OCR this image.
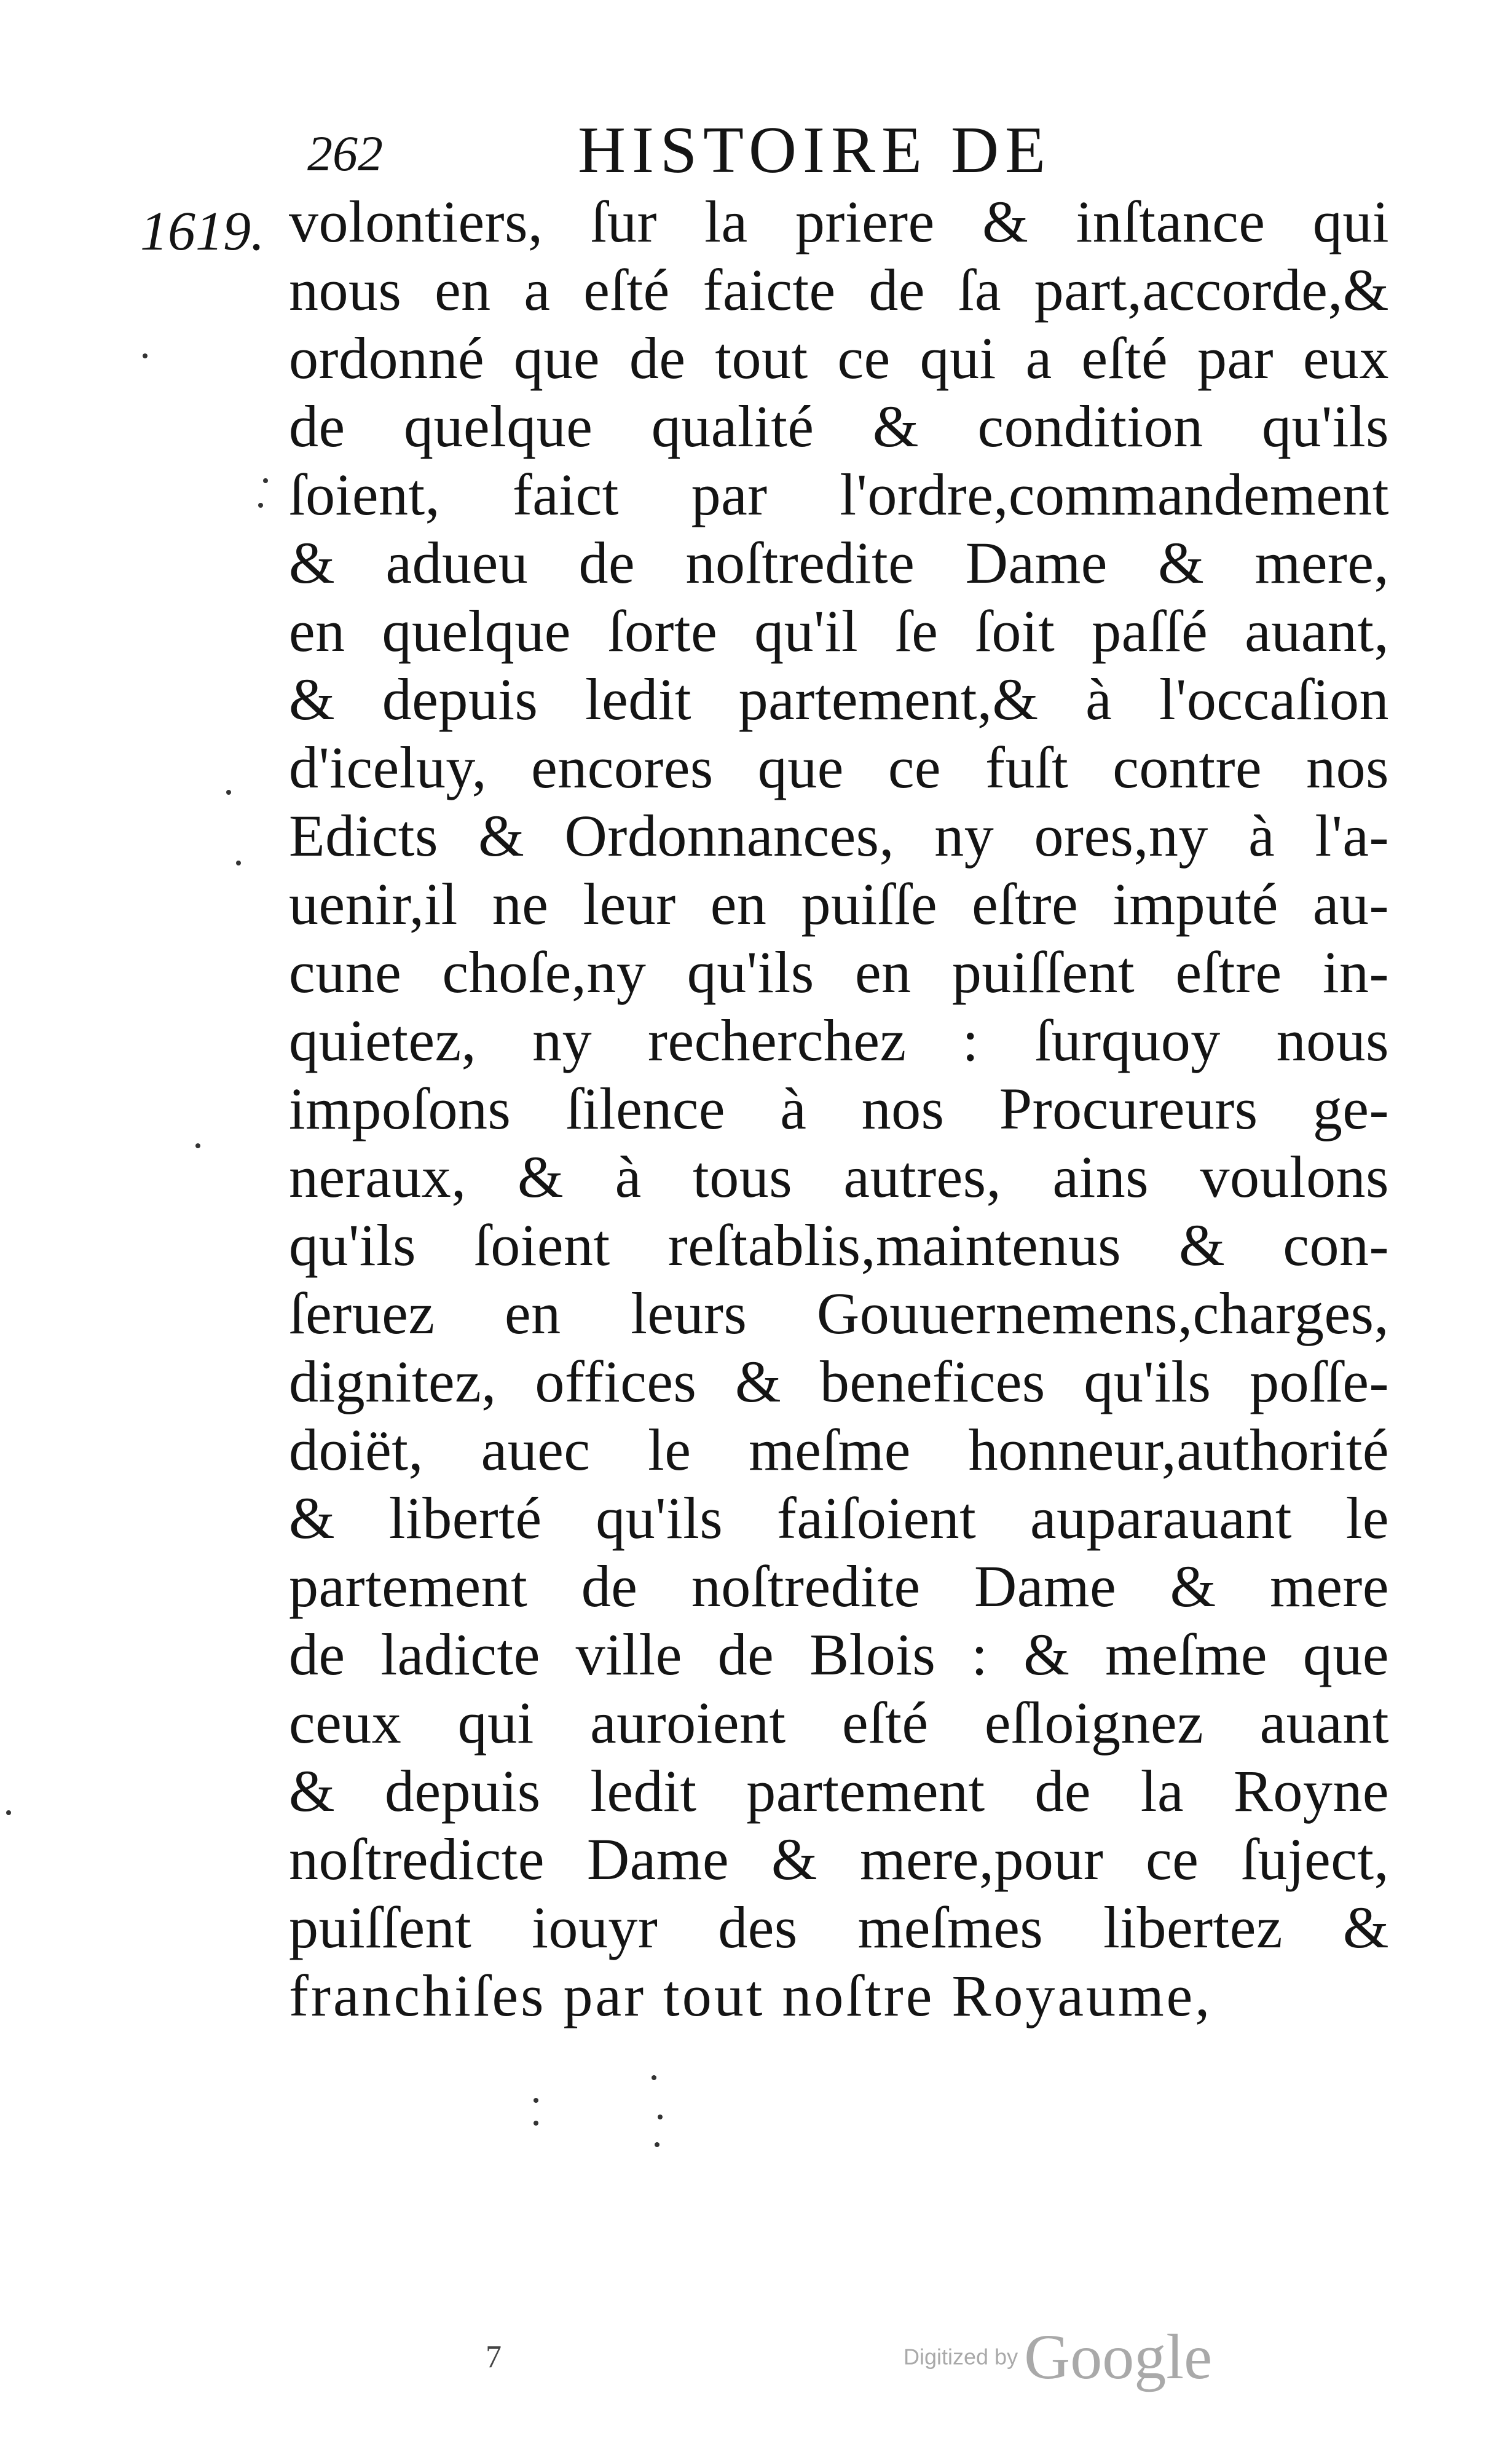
262	HISTOIRE DE
1619. volontiers, ſur la priere & inſtance qui
nous en a eſté faicte de ſa part,accorde,&
ordonné que de tout ce qui a eſté par eux
de quelque qualité & condition qu'ils
ſoient, faict par l'ordre,commandement
& adueu de noſtredite Dame & mere,
en quelque ſorte qu'il ſe ſoit paſſé auant,
& depuis ledit partement,& à l'occaſion
d'iceluy, encores que ce fuſt contre nos
Edicts & Ordonnances, ny ores,ny à l'a-
uenir,il ne leur en puiſſe eſtre imputé au-
cune choſe,ny qu'ils en puiſſent eſtre in-
quietez, ny recherchez : ſurquoy nous
impoſons ſilence à nos Procureurs ge-
neraux, & à tous autres, ains voulons
qu'ils ſoient reſtablis,maintenus & con-
ſeruez en leurs Gouuernemens,charges,
dignitez, offices & benefices qu'ils poſſe-
doiët, auec le meſme honneur,authorité
& liberté qu'ils faiſoient auparauant le
partement de noſtredite Dame & mere
de ladicte ville de Blois : & meſme que
ceux qui auroient eſté eſloignez auant
& depuis ledit partement de la Royne
noſtredicte Dame & mere,pour ce ſuject,
puiſſent iouyr des meſmes libertez &
franchiſes par tout noſtre Royaume,
7	Digitized by Google
